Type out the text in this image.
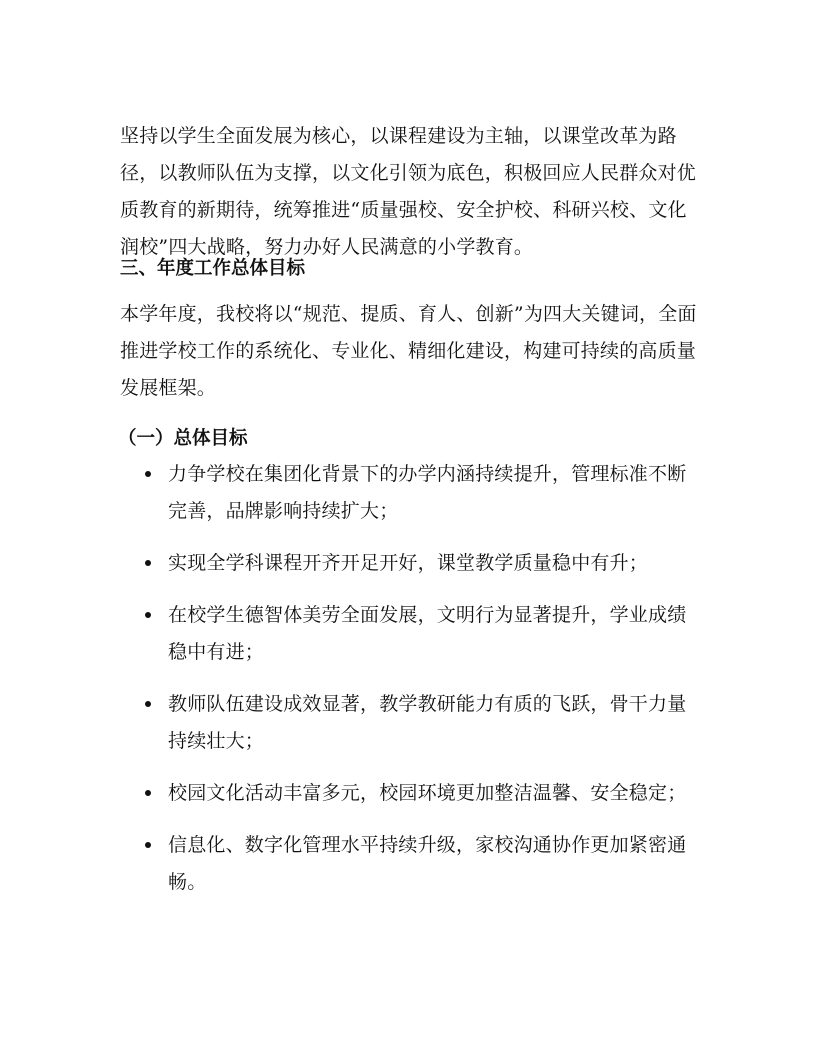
坚持以学生全面发展为核心，以课程建设为主轴，以课堂改革为路径，以教师队伍为支撑，以文化引领为底色，积极回应人民群众对优质教育的新期待，统筹推进“质量强校、安全护校、科研兴校、文化润校”四大战略，努力办好人民满意的小学教育。

三、年度工作总体目标

本学年度，我校将以“规范、提质、育人、创新”为四大关键词，全面推进学校工作的系统化、专业化、精细化建设，构建可持续的高质量发展框架。

（一）总体目标
力争学校在集团化背景下的办学内涵持续提升，管理标准不断完善，品牌影响持续扩大；
实现全学科课程开齐开足开好，课堂教学质量稳中有升；
在校学生德智体美劳全面发展，文明行为显著提升，学业成绩稳中有进；
教师队伍建设成效显著，教学教研能力有质的飞跃，骨干力量持续壮大；
校园文化活动丰富多元，校园环境更加整洁温馨、安全稳定；
信息化、数字化管理水平持续升级，家校沟通协作更加紧密通畅。
